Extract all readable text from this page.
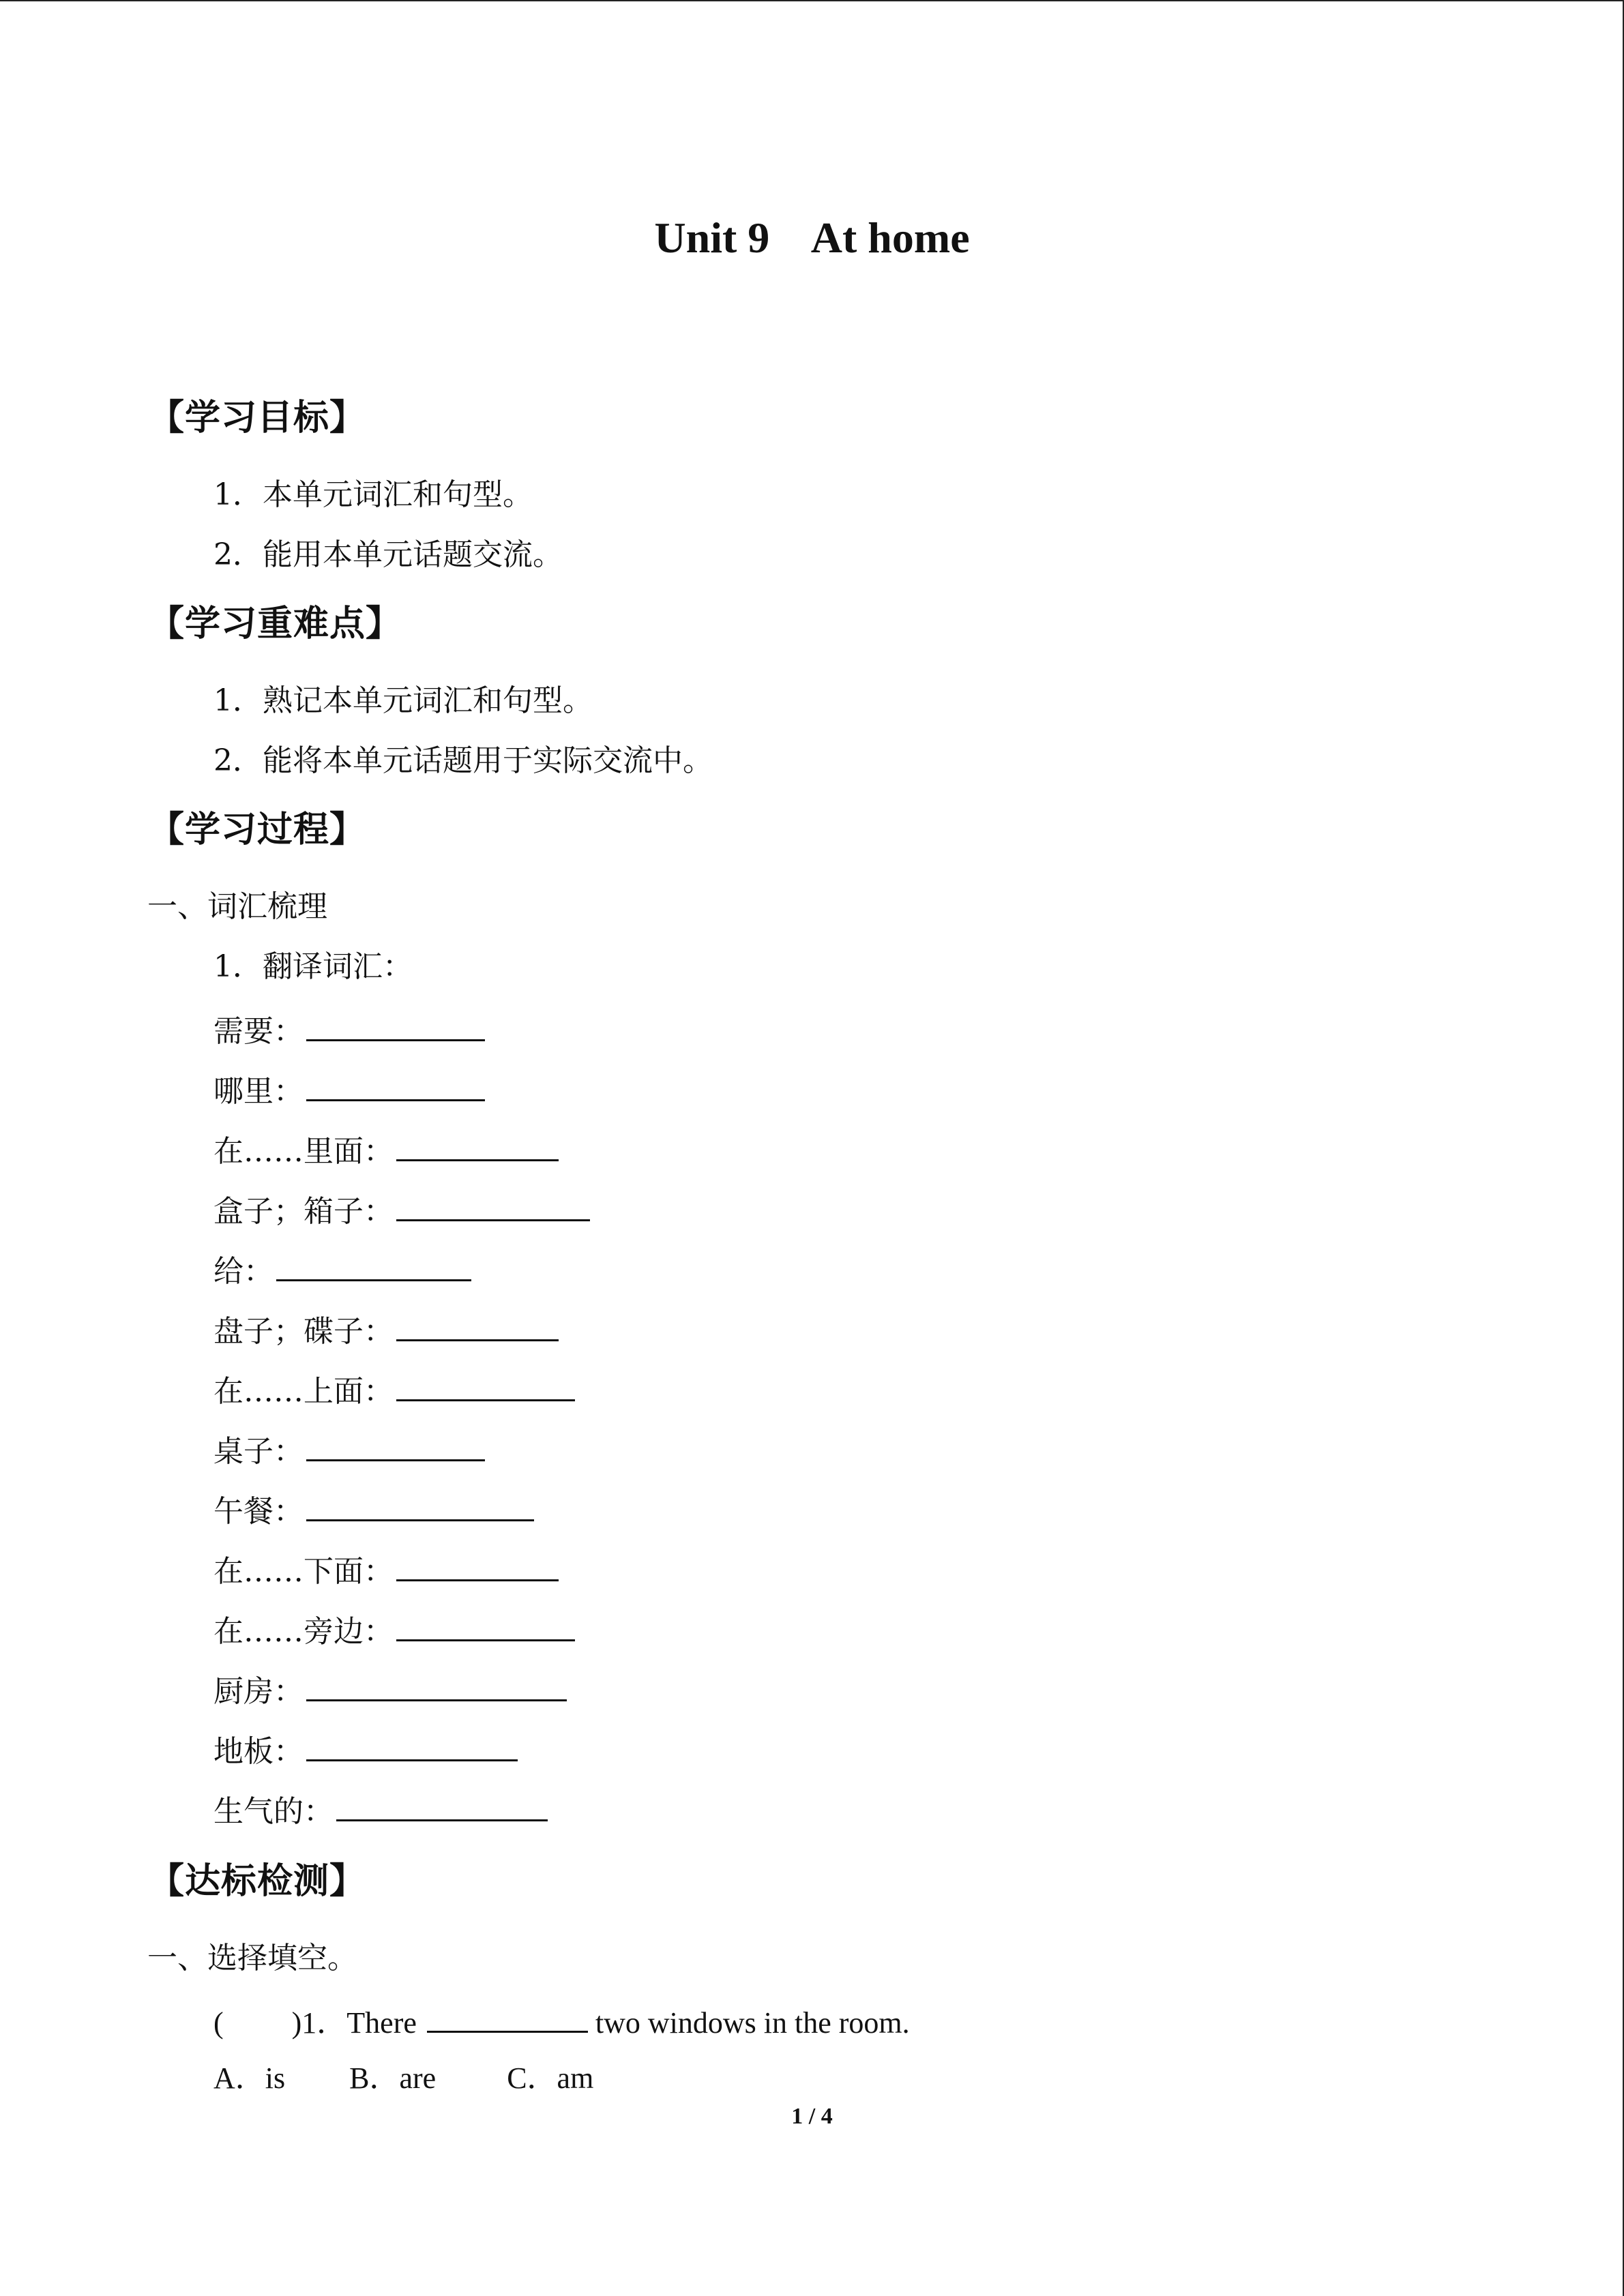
Unit 9    At home
【学习目标】
1．本单元词汇和句型。
2．能用本单元话题交流。
【学习重难点】
1．熟记本单元词汇和句型。
2．能将本单元话题用于实际交流中。
【学习过程】
一、词汇梳理
1．翻译词汇：
需要：
哪里：
在……里面：
盒子；箱子：
给：
盘子；碟子：
在……上面：
桌子：
午餐：
在……下面：
在……旁边：
厨房：
地板：
生气的：
【达标检测】
一、选择填空。
( )1．There	two windows in the room.
A．is B．are C．am
1 / 4
